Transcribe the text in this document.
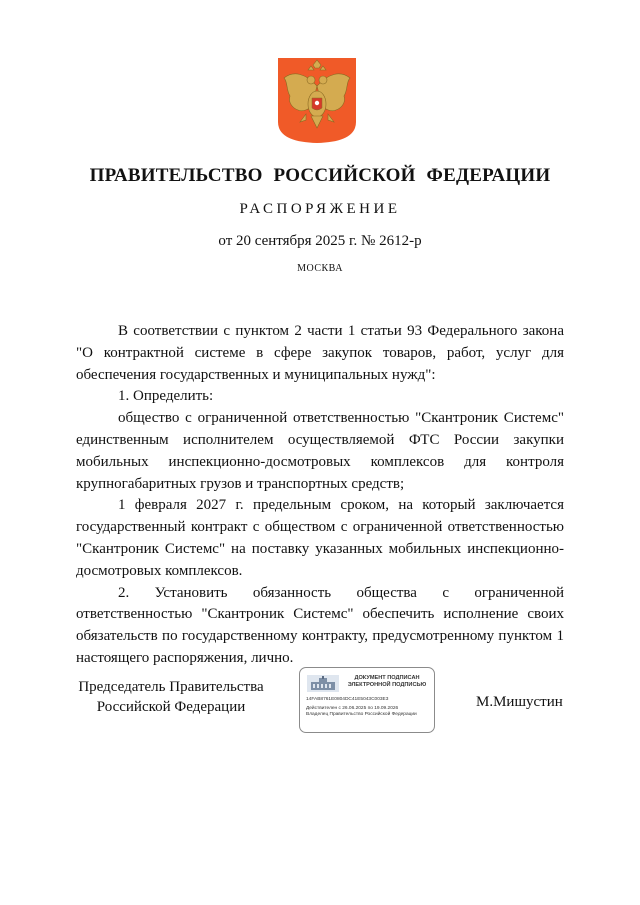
ПРАВИТЕЛЬСТВО РОССИЙСКОЙ ФЕДЕРАЦИИ
РАСПОРЯЖЕНИЕ
от 20 сентября 2025 г. № 2612-р
МОСКВА

В соответствии с пунктом 2 части 1 статьи 93 Федерального закона "О контрактной системе в сфере закупок товаров, работ, услуг для обеспечения государственных и муниципальных нужд":

1. Определить:

общество с ограниченной ответственностью "Скантроник Системс" единственным исполнителем осуществляемой ФТС России закупки мобильных инспекционно-досмотровых комплексов для контроля крупногабаритных грузов и транспортных средств;

1 февраля 2027 г. предельным сроком, на который заключается государственный контракт с обществом с ограниченной ответственностью "Скантроник Системс" на поставку указанных мобильных инспекционно-досмотровых комплексов.

2. Установить обязанность общества с ограниченной ответственностью "Скантроник Системс" обеспечить исполнение своих обязательств по государственному контракту, предусмотренному пунктом 1 настоящего распоряжения, лично.

Председатель Правительства
Российской Федерации
ДОКУМЕНТ ПОДПИСАН
ЭЛЕКТРОННОЙ ПОДПИСЬЮ
14FAB8761E0804DC41E5043C003E3
Действителен с 26.06.2025 по 19.09.2026
Владелец Правительство Российской Федерации
М.Мишустин
